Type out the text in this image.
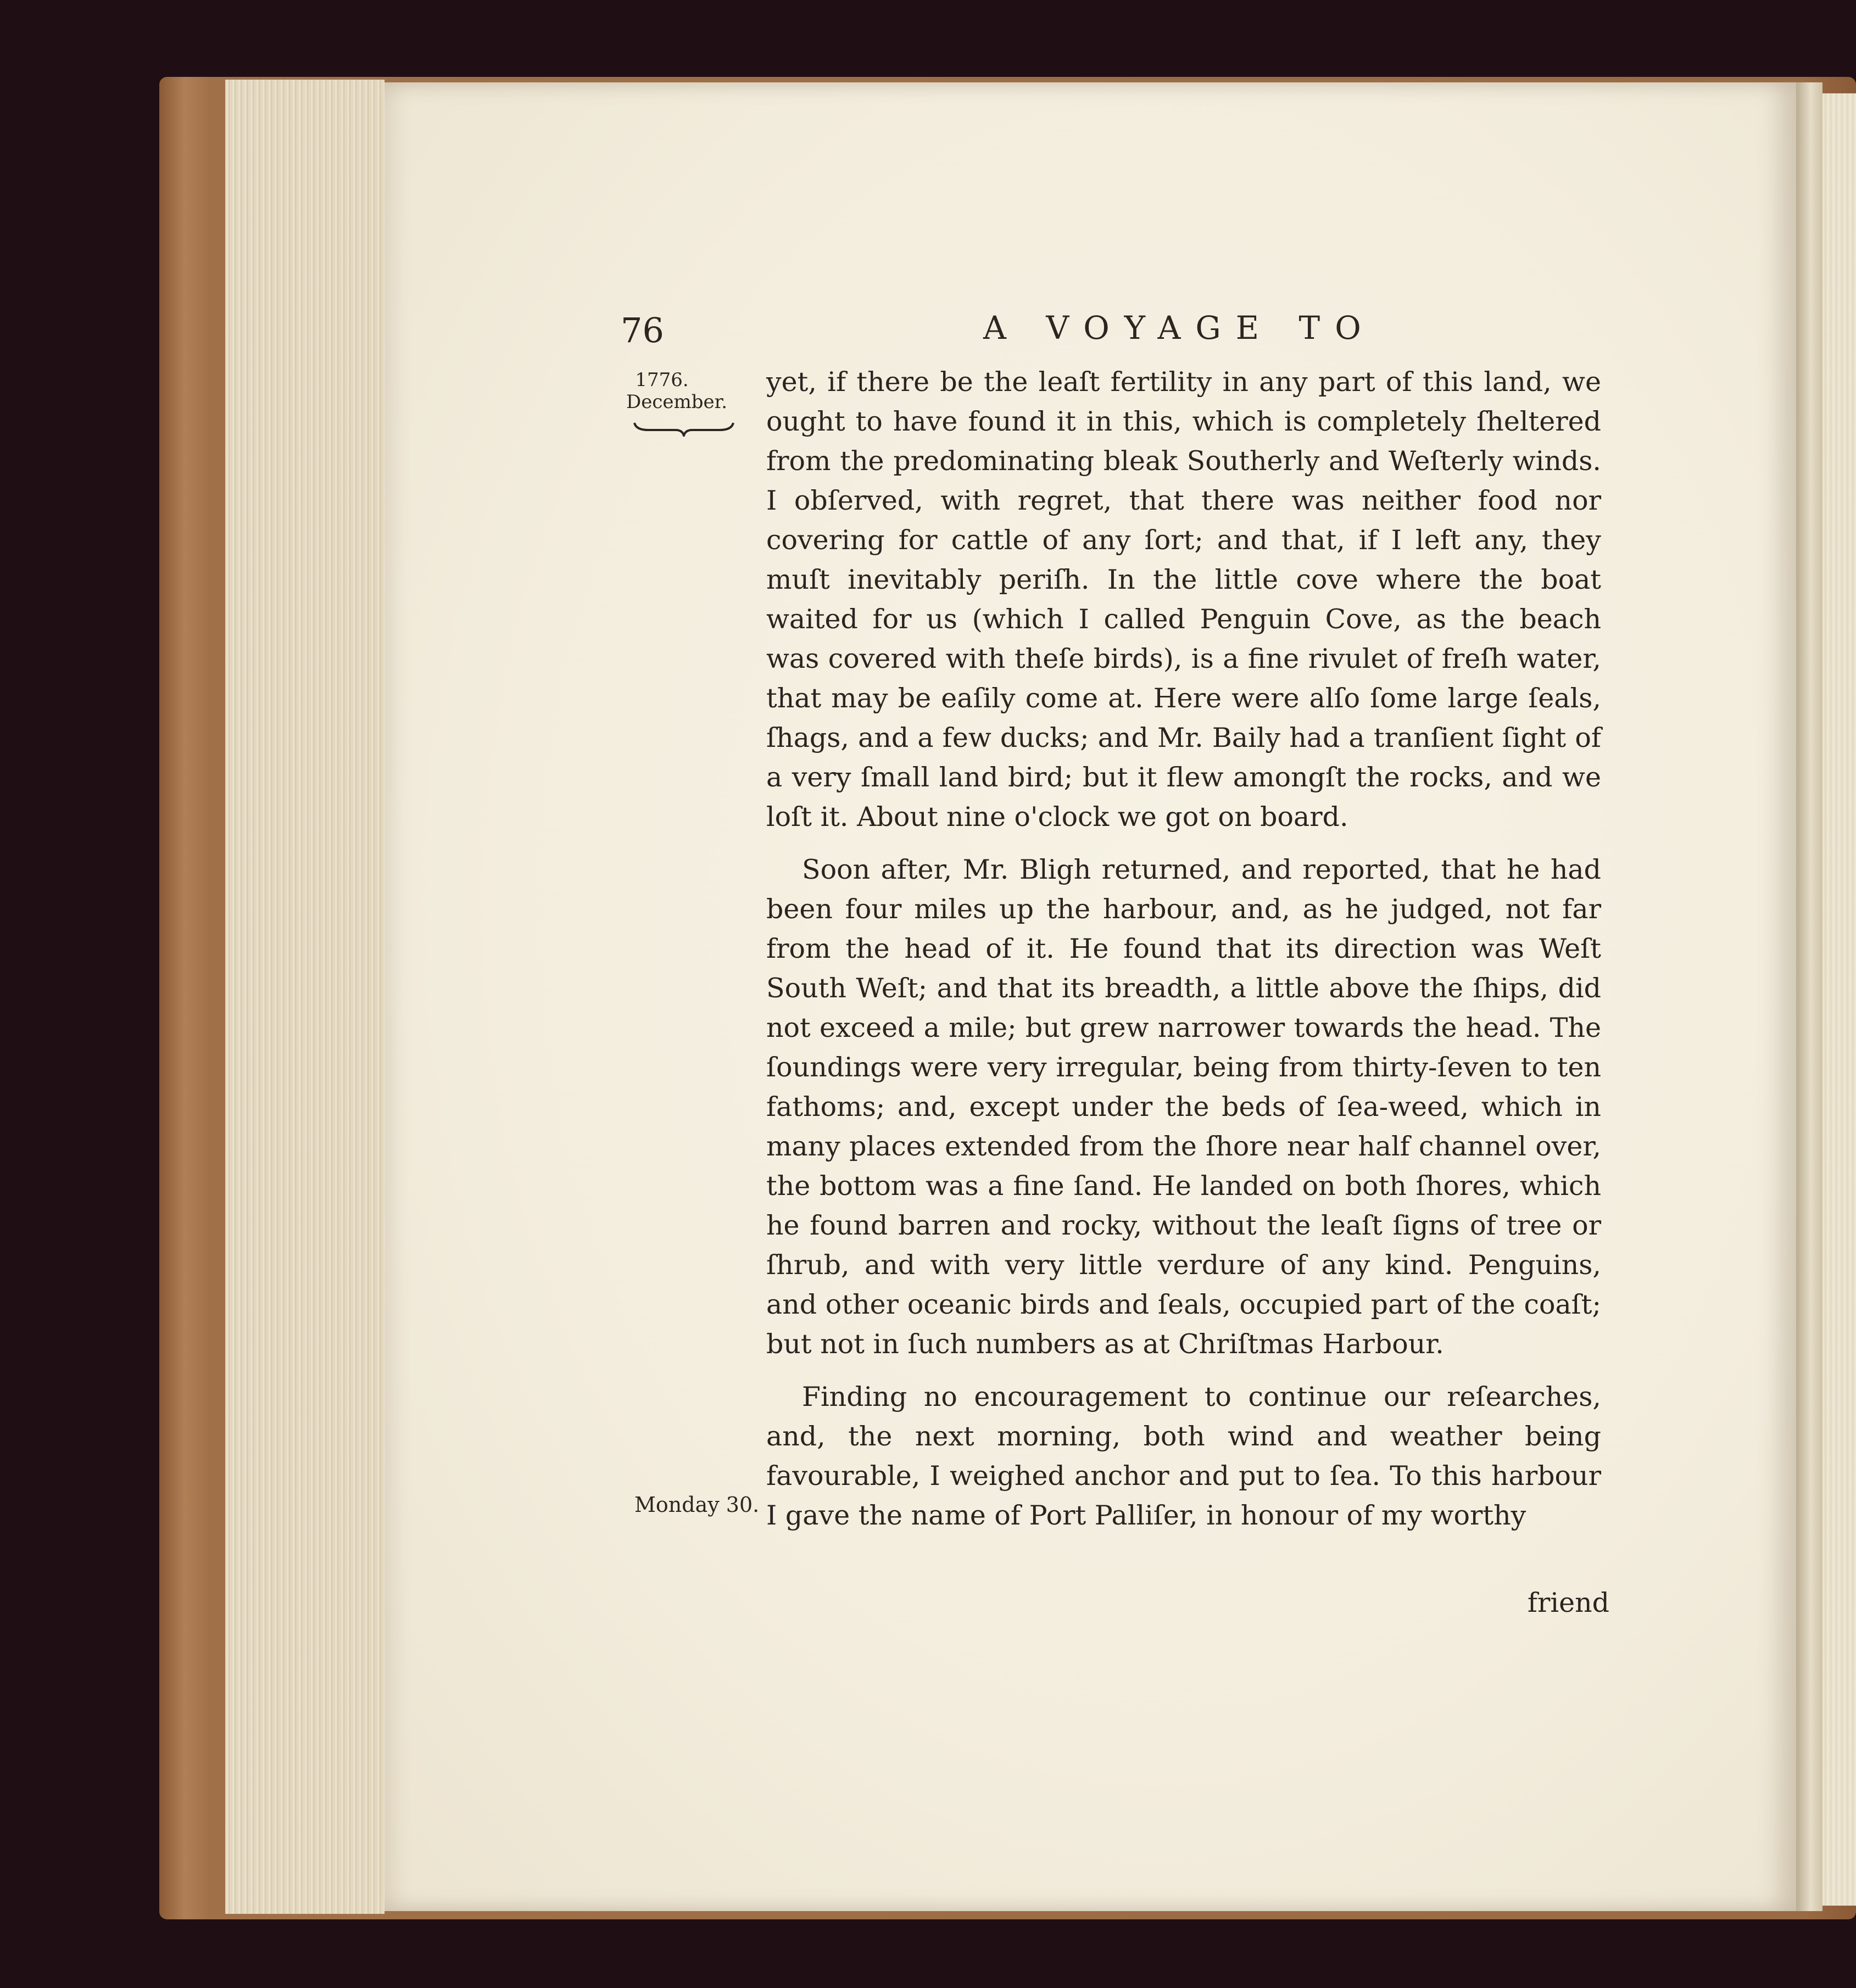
76	A VOYAGE TO
1776.
December.
Monday 30.

yet, if there be the leaſt fertility in any part of this land, we ought to have found it in this, which is completely ſheltered from the predominating bleak Southerly and Weſterly winds. I obſerved, with regret, that there was neither food nor covering for cattle of any ſort; and that, if I left any, they muſt inevitably periſh. In the little cove where the boat waited for us (which I called Penguin Cove, as the beach was covered with theſe birds), is a fine rivulet of freſh water, that may be eaſily come at. Here were alſo ſome large ſeals, ſhags, and a few ducks; and Mr. Baily had a tranſient ſight of a very ſmall land bird; but it flew amongſt the rocks, and we loſt it. About nine o'clock we got on board.

Soon after, Mr. Bligh returned, and reported, that he had been four miles up the harbour, and, as he judged, not far from the head of it. He found that its direction was Weſt South Weſt; and that its breadth, a little above the ſhips, did not exceed a mile; but grew narrower towards the head. The ſoundings were very irregular, being from thirty-ſeven to ten fathoms; and, except under the beds of ſea-weed, which in many places extended from the ſhore near half channel over, the bottom was a fine ſand. He landed on both ſhores, which he found barren and rocky, without the leaſt ſigns of tree or ſhrub, and with very little verdure of any kind. Penguins, and other oceanic birds and ſeals, occupied part of the coaſt; but not in ſuch numbers as at Chriſtmas Harbour.

Finding no encouragement to continue our reſearches, and, the next morning, both wind and weather being favourable, I weighed anchor and put to ſea. To this harbour I gave the name of Port Palliſer, in honour of my worthy

friend
